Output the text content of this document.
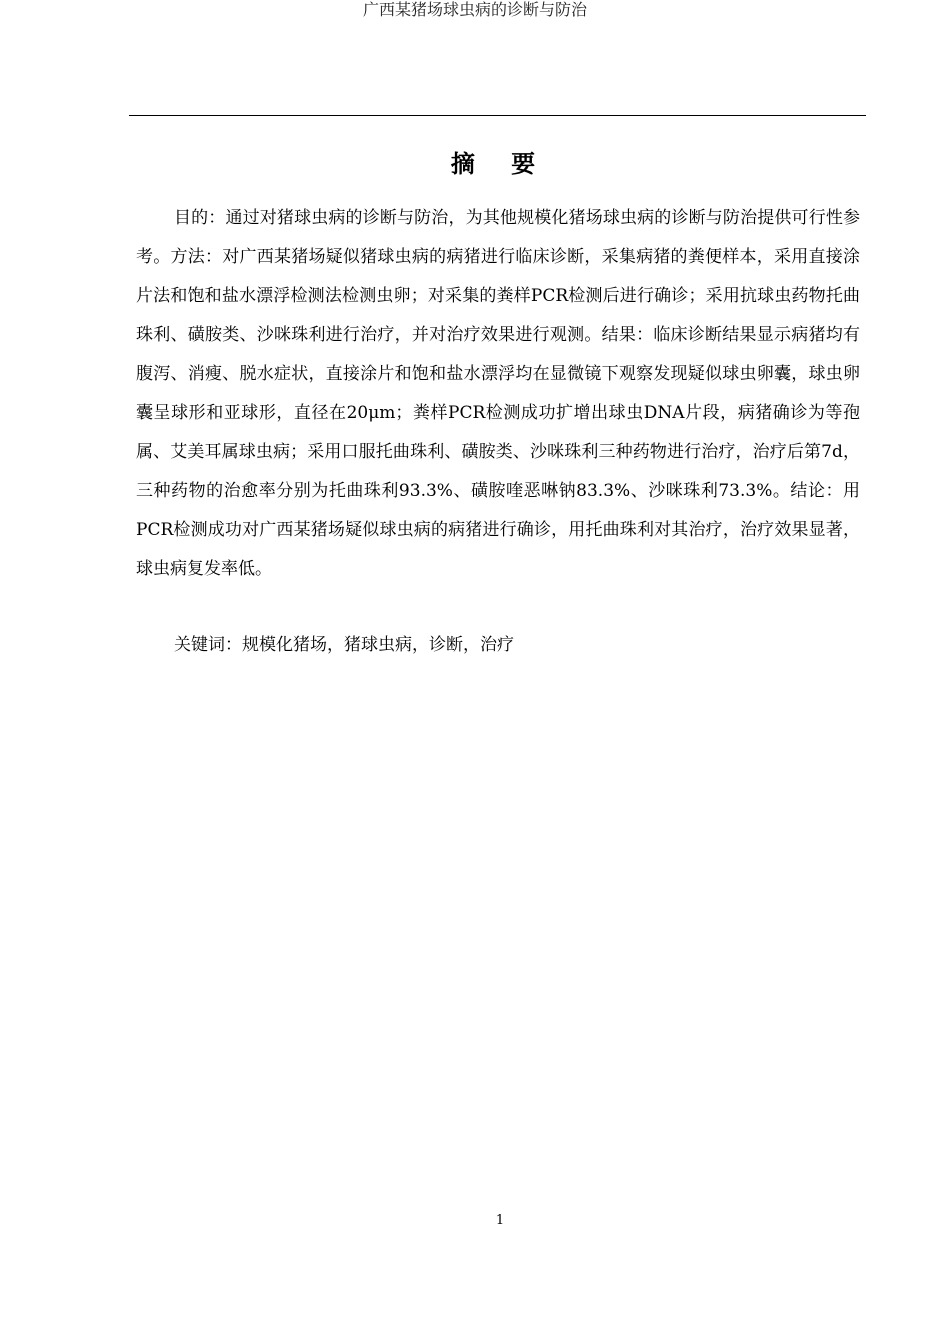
广西某猪场球虫病的诊断与防治
摘 要

目的：通过对猪球虫病的诊断与防治，为其他规模化猪场球虫病的诊断与防治提供可行性参考。方法：对广西某猪场疑似猪球虫病的病猪进行临床诊断，采集病猪的粪便样本，采用直接涂片法和饱和盐水漂浮检测法检测虫卵；对采集的粪样PCR检测后进行确诊；采用抗球虫药物托曲珠利、磺胺类、沙咪珠利进行治疗，并对治疗效果进行观测。结果：临床诊断结果显示病猪均有腹泻、消瘦、脱水症状，直接涂片和饱和盐水漂浮均在显微镜下观察发现疑似球虫卵囊，球虫卵囊呈球形和亚球形，直径在20μm；粪样PCR检测成功扩增出球虫DNA片段，病猪确诊为等孢属、艾美耳属球虫病；采用口服托曲珠利、磺胺类、沙咪珠利三种药物进行治疗，治疗后第7d，三种药物的治愈率分别为托曲珠利93.3%、磺胺喹恶啉钠83.3%、沙咪珠利73.3%。结论：用PCR检测成功对广西某猪场疑似球虫病的病猪进行确诊，用托曲珠利对其治疗，治疗效果显著，球虫病复发率低。

关键词：规模化猪场，猪球虫病，诊断，治疗

1
